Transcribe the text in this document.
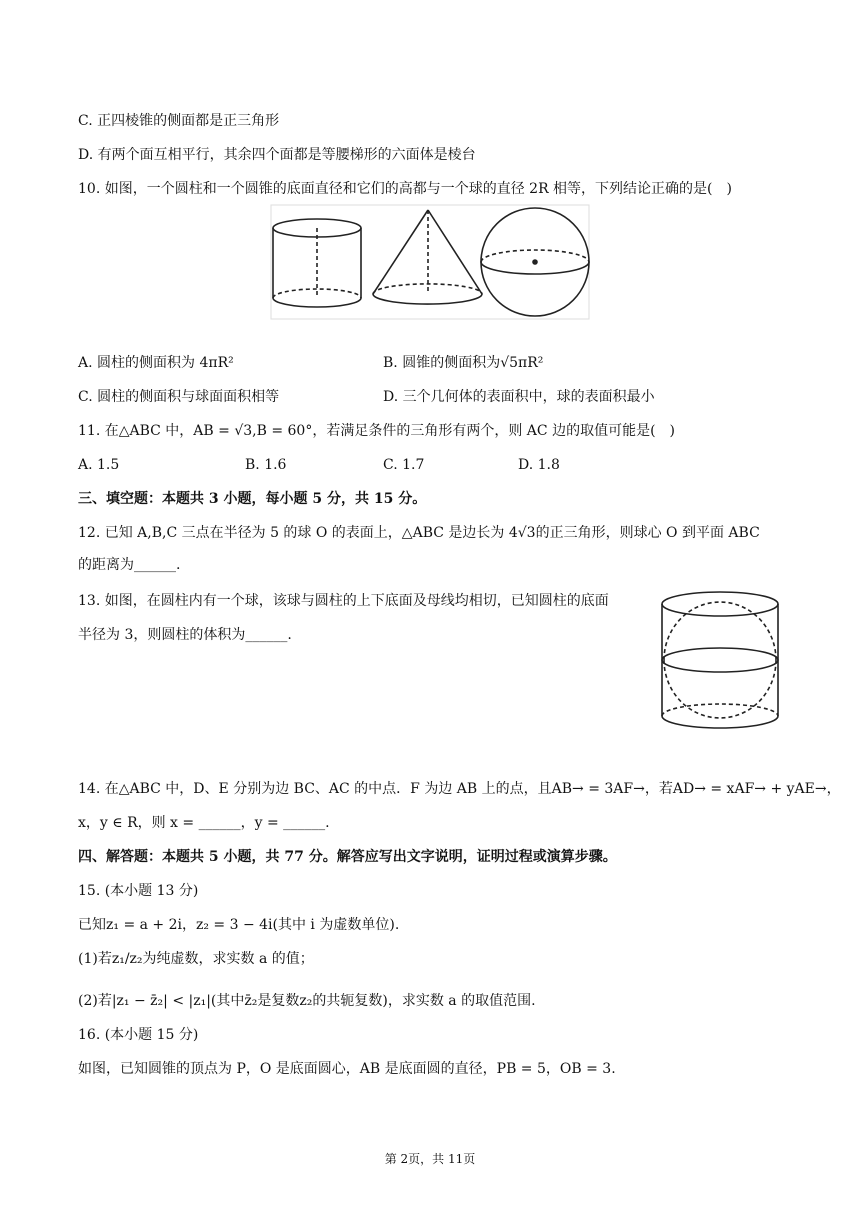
C. 正四棱锥的侧面都是正三角形
D. 有两个面互相平行，其余四个面都是等腰梯形的六面体是棱台
10. 如图，一个圆柱和一个圆锥的底面直径和它们的高都与一个球的直径 2R 相等，下列结论正确的是(　)
A. 圆柱的侧面积为 4πR²	B. 圆锥的侧面积为√5πR²
C. 圆柱的侧面积与球面面积相等	D. 三个几何体的表面积中，球的表面积最小
11. 在△ABC 中，AB = √3,B = 60°，若满足条件的三角形有两个，则 AC 边的取值可能是(　)
A. 1.5	B. 1.6	C. 1.7	D. 1.8
三、填空题：本题共 3 小题，每小题 5 分，共 15 分。
12. 已知 A,B,C 三点在半径为 5 的球 O 的表面上，△ABC 是边长为 4√3的正三角形，则球心 O 到平面 ABC
的距离为______.
13. 如图，在圆柱内有一个球，该球与圆柱的上下底面及母线均相切，已知圆柱的底面
半径为 3，则圆柱的体积为______.
14. 在△ABC 中，D、E 分别为边 BC、AC 的中点．F 为边 AB 上的点，且AB→ = 3AF→，若AD→ = xAF→ + yAE→，
x，y ∈ R，则 x = ______，y = ______.
四、解答题：本题共 5 小题，共 77 分。解答应写出文字说明，证明过程或演算步骤。
15. (本小题 13 分)
已知z₁ = a + 2i，z₂ = 3 − 4i(其中 i 为虚数单位).
(1)若z₁/z₂为纯虚数，求实数 a 的值；
(2)若|z₁ − z̄₂| < |z₁|(其中z̄₂是复数z₂的共轭复数)，求实数 a 的取值范围.
16. (本小题 15 分)
如图，已知圆锥的顶点为 P，O 是底面圆心，AB 是底面圆的直径，PB = 5，OB = 3.
第 2页，共 11页
